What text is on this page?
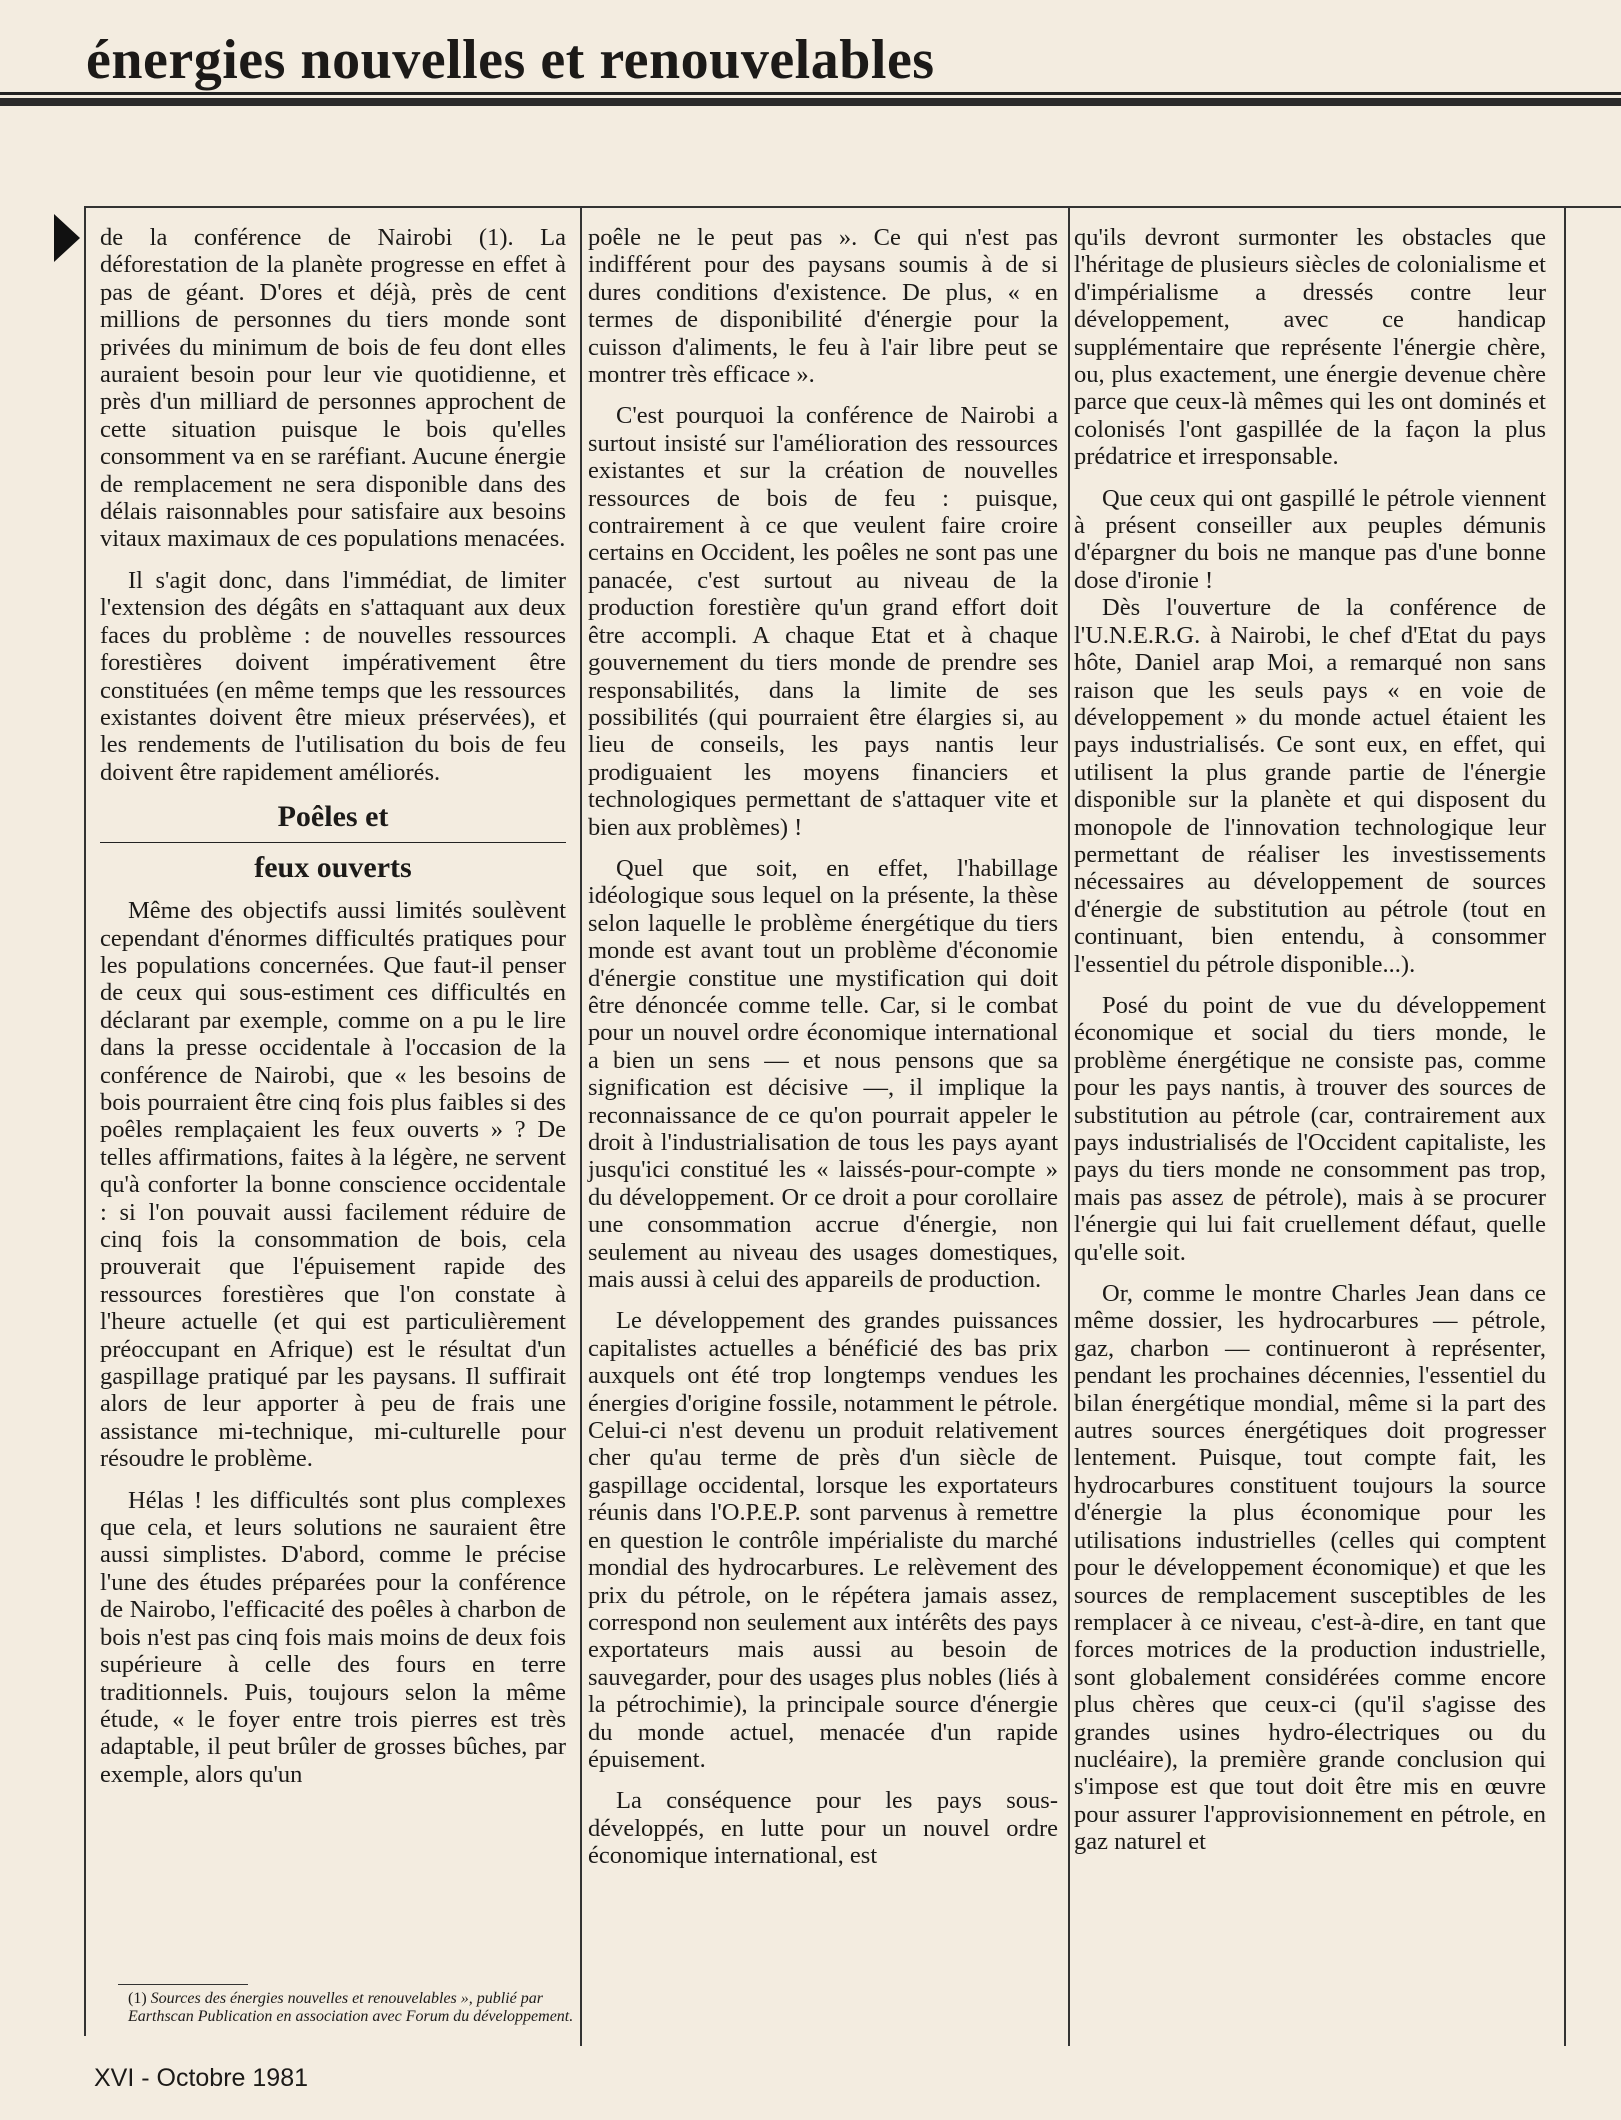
énergies nouvelles et renouvelables

de la conférence de Nairobi (1). La déforestation de la planète progresse en effet à pas de géant. D'ores et déjà, près de cent millions de personnes du tiers monde sont privées du minimum de bois de feu dont elles auraient besoin pour leur vie quotidienne, et près d'un milliard de personnes approchent de cette situation puisque le bois qu'elles consomment va en se raréfiant. Aucune énergie de remplacement ne sera disponible dans des délais raisonnables pour satisfaire aux besoins vitaux maximaux de ces populations menacées.

Il s'agit donc, dans l'immédiat, de limiter l'extension des dégâts en s'attaquant aux deux faces du problème : de nouvelles ressources forestières doivent impérativement être constituées (en même temps que les ressources existantes doivent être mieux préservées), et les rendements de l'utilisation du bois de feu doivent être rapidement améliorés.

Poêles et
feux ouverts

Même des objectifs aussi limités soulèvent cependant d'énormes difficultés pratiques pour les populations concernées. Que faut-il penser de ceux qui sous-estiment ces difficultés en déclarant par exemple, comme on a pu le lire dans la presse occidentale à l'occasion de la conférence de Nairobi, que « les besoins de bois pourraient être cinq fois plus faibles si des poêles remplaçaient les feux ouverts » ? De telles affirmations, faites à la légère, ne servent qu'à conforter la bonne conscience occidentale : si l'on pouvait aussi facilement réduire de cinq fois la consommation de bois, cela prouverait que l'épuisement rapide des ressources forestières que l'on constate à l'heure actuelle (et qui est particulièrement préoccupant en Afrique) est le résultat d'un gaspillage pratiqué par les paysans. Il suffirait alors de leur apporter à peu de frais une assistance mi-technique, mi-culturelle pour résoudre le problème.

Hélas ! les difficultés sont plus complexes que cela, et leurs solutions ne sauraient être aussi simplistes. D'abord, comme le précise l'une des études préparées pour la conférence de Nairobo, l'efficacité des poêles à charbon de bois n'est pas cinq fois mais moins de deux fois supérieure à celle des fours en terre traditionnels. Puis, toujours selon la même étude, « le foyer entre trois pierres est très adaptable, il peut brûler de grosses bûches, par exemple, alors qu'un

poêle ne le peut pas ». Ce qui n'est pas indifférent pour des paysans soumis à de si dures conditions d'existence. De plus, « en termes de disponibilité d'énergie pour la cuisson d'aliments, le feu à l'air libre peut se montrer très efficace ».

C'est pourquoi la conférence de Nairobi a surtout insisté sur l'amélioration des ressources existantes et sur la création de nouvelles ressources de bois de feu : puisque, contrairement à ce que veulent faire croire certains en Occident, les poêles ne sont pas une panacée, c'est surtout au niveau de la production forestière qu'un grand effort doit être accompli. A chaque Etat et à chaque gouvernement du tiers monde de prendre ses responsabilités, dans la limite de ses possibilités (qui pourraient être élargies si, au lieu de conseils, les pays nantis leur prodiguaient les moyens financiers et technologiques permettant de s'attaquer vite et bien aux problèmes) !

Quel que soit, en effet, l'habillage idéologique sous lequel on la présente, la thèse selon laquelle le problème énergétique du tiers monde est avant tout un problème d'économie d'énergie constitue une mystification qui doit être dénoncée comme telle. Car, si le combat pour un nouvel ordre économique international a bien un sens — et nous pensons que sa signification est décisive —, il implique la reconnaissance de ce qu'on pourrait appeler le droit à l'industrialisation de tous les pays ayant jusqu'ici constitué les « laissés-pour-compte » du développement. Or ce droit a pour corollaire une consommation accrue d'énergie, non seulement au niveau des usages domestiques, mais aussi à celui des appareils de production.

Le développement des grandes puissances capitalistes actuelles a bénéficié des bas prix auxquels ont été trop longtemps vendues les énergies d'origine fossile, notamment le pétrole. Celui-ci n'est devenu un produit relativement cher qu'au terme de près d'un siècle de gaspillage occidental, lorsque les exportateurs réunis dans l'O.P.E.P. sont parvenus à remettre en question le contrôle impérialiste du marché mondial des hydrocarbures. Le relèvement des prix du pétrole, on le répétera jamais assez, correspond non seulement aux intérêts des pays exportateurs mais aussi au besoin de sauvegarder, pour des usages plus nobles (liés à la pétrochimie), la principale source d'énergie du monde actuel, menacée d'un rapide épuisement.

La conséquence pour les pays sous-développés, en lutte pour un nouvel ordre économique international, est

qu'ils devront surmonter les obstacles que l'héritage de plusieurs siècles de colonialisme et d'impérialisme a dressés contre leur développement, avec ce handicap supplémentaire que représente l'énergie chère, ou, plus exactement, une énergie devenue chère parce que ceux-là mêmes qui les ont dominés et colonisés l'ont gaspillée de la façon la plus prédatrice et irresponsable.

Que ceux qui ont gaspillé le pétrole viennent à présent conseiller aux peuples démunis d'épargner du bois ne manque pas d'une bonne dose d'ironie !

Dès l'ouverture de la conférence de l'U.N.E.R.G. à Nairobi, le chef d'Etat du pays hôte, Daniel arap Moi, a remarqué non sans raison que les seuls pays « en voie de développement » du monde actuel étaient les pays industrialisés. Ce sont eux, en effet, qui utilisent la plus grande partie de l'énergie disponible sur la planète et qui disposent du monopole de l'innovation technologique leur permettant de réaliser les investissements nécessaires au développement de sources d'énergie de substitution au pétrole (tout en continuant, bien entendu, à consommer l'essentiel du pétrole disponible...).

Posé du point de vue du développement économique et social du tiers monde, le problème énergétique ne consiste pas, comme pour les pays nantis, à trouver des sources de substitution au pétrole (car, contrairement aux pays industrialisés de l'Occident capitaliste, les pays du tiers monde ne consomment pas trop, mais pas assez de pétrole), mais à se procurer l'énergie qui lui fait cruellement défaut, quelle qu'elle soit.

Or, comme le montre Charles Jean dans ce même dossier, les hydrocarbures — pétrole, gaz, charbon — continueront à représenter, pendant les prochaines décennies, l'essentiel du bilan énergétique mondial, même si la part des autres sources énergétiques doit progresser lentement. Puisque, tout compte fait, les hydrocarbures constituent toujours la source d'énergie la plus économique pour les utilisations industrielles (celles qui comptent pour le développement économique) et que les sources de remplacement susceptibles de les remplacer à ce niveau, c'est-à-dire, en tant que forces motrices de la production industrielle, sont globalement considérées comme encore plus chères que ceux-ci (qu'il s'agisse des grandes usines hydro-électriques ou du nucléaire), la première grande conclusion qui s'impose est que tout doit être mis en œuvre pour assurer l'approvisionnement en pétrole, en gaz naturel et

(1) Sources des énergies nouvelles et renouvelables », publié par Earthscan Publication en association avec Forum du développement.
XVI - Octobre 1981
